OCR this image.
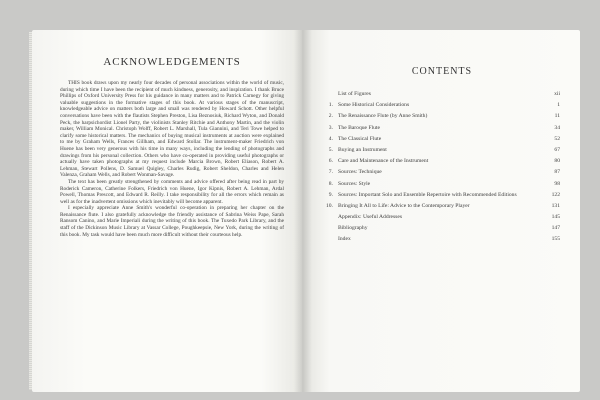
ACKNOWLEDGEMENTS

THIS book draws upon my nearly four decades of personal associations within the world of music, during which time I have been the recipient of much kindness, generosity, and inspiration. I thank Bruce Phillips of Oxford University Press for his guidance in many matters and to Patrick Carnegy for giving valuable suggestions in the formative stages of this book. At various stages of the manuscript, knowledgeable advice on matters both large and small was rendered by Howard Schott. Other helpful conversations have been with the flautists Stephen Preston, Lisa Beznosiuk, Richard Wyton, and Donald Peck, the harpsichordist Lionel Party, the violinists Stanley Ritchie and Anthony Martin, and the violin maker, William Monical. Christoph Wolff, Robert L. Marshall, Tula Giannini, and Teri Towe helped to clarify some historical matters. The mechanics of buying musical instruments at auction were explained to me by Graham Wells, Frances Gillham, and Edward Stollar. The instrument-maker Friedrich von Huene has been very generous with his time in many ways, including the lending of photographs and drawings from his personal collection. Others who have co-operated in providing useful photographs or actually have taken photographs at my request include Marcia Brown, Robert Eliason, Robert A. Lehman, Stewart Pollens, D. Samuel Quigley, Charles Rudig, Robert Sheldon, Charles and Helen Valenza, Graham Wells, and Robert Wonman-Savage.

The text has been greatly strengthened by comments and advice offered after being read in part by Roderick Cameron, Catherine Folkers, Friedrich von Huene, Igor Kipnis, Robert A. Lehman, Ardal Powell, Thomas Prescott, and Edward R. Reilly. I take responsibility for all the errors which remain as well as for the inadvertent omissions which inevitably will become apparent.

I especially appreciate Anne Smith's wonderful co-operation in preparing her chapter on the Renaissance flute. I also gratefully acknowledge the friendly assistance of Sabrina Weiss Pape, Sarah Ransom Canino, and Marie Imperiali during the writing of this book. The Tuxedo Park Library, and the staff of the Dickinson Music Library at Vassar College, Poughkeepsie, New York, during the writing of this book. My task would have been much more difficult without their courteous help.

CONTENTS
List of Figures	xii
1. Some Historical Considerations	1
2. The Renaissance Flute (by Anne Smith)	11
3. The Baroque Flute	34
4. The Classical Flute	52
5. Buying an Instrument	67
6. Care and Maintenance of the Instrument	80
7. Sources: Technique	87
8. Sources: Style	98
9. Sources: Important Solo and Ensemble Repertoire with Recommended Editions	122
10. Bringing It All to Life: Advice to the Contemporary Player	131
Appendix: Useful Addresses	145
Bibliography	147
Index	155
